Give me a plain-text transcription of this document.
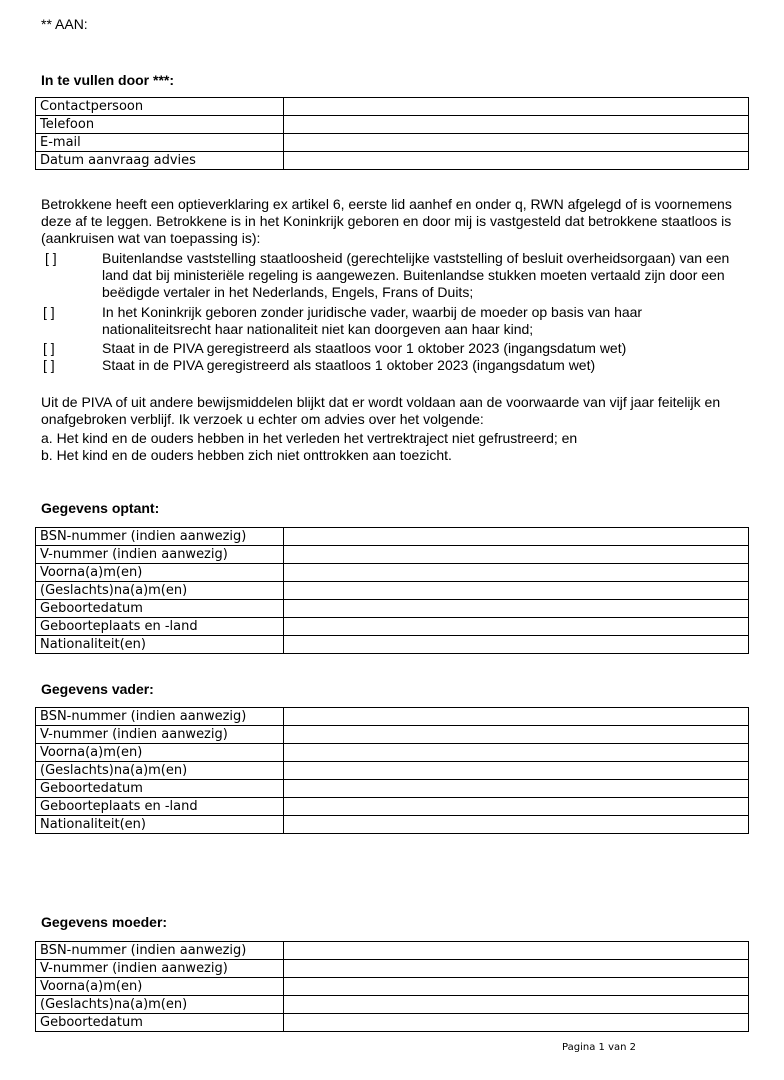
** AAN:
In te vullen door ***:
Contactpersoon	
Telefoon	
E-mail	
Datum aanvraag advies	
Betrokkene heeft een optieverklaring ex artikel 6, eerste lid aanhef en onder q, RWN afgelegd of is voornemens deze af te leggen. Betrokkene is in het Koninkrijk geboren en door mij is vastgesteld dat betrokkene staatloos is (aankruisen wat van toepassing is):
[ ]	Buitenlandse vaststelling staatloosheid (gerechtelijke vaststelling of besluit overheidsorgaan) van een land dat bij ministeriële regeling is aangewezen. Buitenlandse stukken moeten vertaald zijn door een beëdigde vertaler in het Nederlands, Engels, Frans of Duits;
[ ]	In het Koninkrijk geboren zonder juridische vader, waarbij de moeder op basis van haar nationaliteitsrecht haar nationaliteit niet kan doorgeven aan haar kind;
[ ]	Staat in de PIVA geregistreerd als staatloos voor 1 oktober 2023 (ingangsdatum wet)
[ ]	Staat in de PIVA geregistreerd als staatloos 1 oktober 2023 (ingangsdatum wet)
Uit de PIVA of uit andere bewijsmiddelen blijkt dat er wordt voldaan aan de voorwaarde van vijf jaar feitelijk en onafgebroken verblijf. Ik verzoek u echter om advies over het volgende:
a. Het kind en de ouders hebben in het verleden het vertrektraject niet gefrustreerd; en
b. Het kind en de ouders hebben zich niet onttrokken aan toezicht.
Gegevens optant:
BSN-nummer (indien aanwezig)	
V-nummer (indien aanwezig)	
Voorna(a)m(en)	
(Geslachts)na(a)m(en)	
Geboortedatum	
Geboorteplaats en -land	
Nationaliteit(en)	
Gegevens vader:
BSN-nummer (indien aanwezig)	
V-nummer (indien aanwezig)	
Voorna(a)m(en)	
(Geslachts)na(a)m(en)	
Geboortedatum	
Geboorteplaats en -land	
Nationaliteit(en)	
Gegevens moeder:
BSN-nummer (indien aanwezig)	
V-nummer (indien aanwezig)	
Voorna(a)m(en)	
(Geslachts)na(a)m(en)	
Geboortedatum	
Pagina 1 van 2
